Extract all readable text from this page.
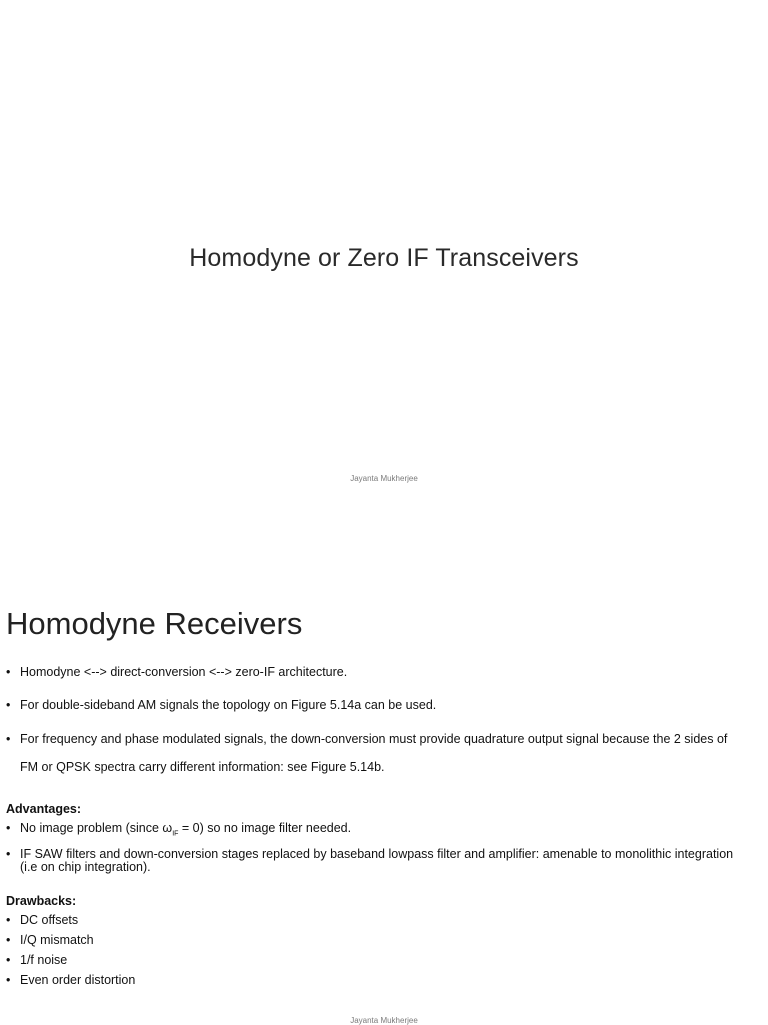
Homodyne or Zero IF Transceivers
Jayanta Mukherjee
Homodyne Receivers
• Homodyne <--> direct-conversion <--> zero-IF architecture.
• For double-sideband AM signals the topology on Figure 5.14a can be used.
• For frequency and phase modulated signals, the down-conversion must provide quadrature output signal because the 2 sides of FM or QPSK spectra carry different information: see Figure 5.14b.
Advantages:
• No image problem (since $\omega_{IF} = 0$) so no image filter needed.
• IF SAW filters and down-conversion stages replaced by baseband lowpass filter and amplifier: amenable to monolithic integration (i.e on chip integration).
Drawbacks:
• DC offsets
• I/Q mismatch
• 1/f noise
• Even order distortion
Jayanta Mukherjee
